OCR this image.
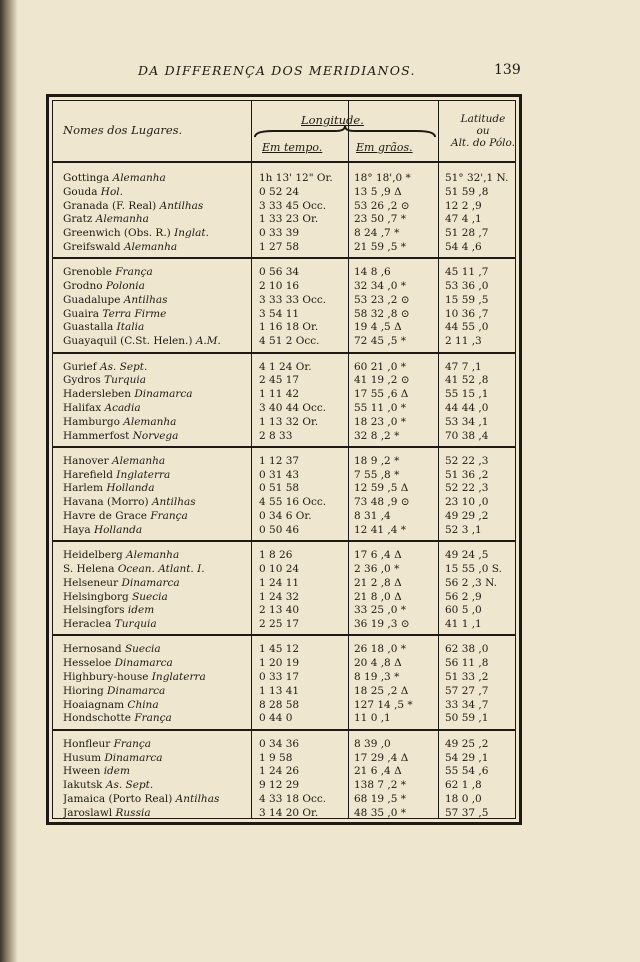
DA DIFFERENÇA DOS MERIDIANOS.	139
Nomes dos Lugares.
Longitude.
Em tempo.	Em grãos.
Latitude
ou
Alt. do Pólo.
Gottinga Alemanha	1h 13' 12" Or.	18° 18',0 *	51° 32',1 N.
Gouda Hol.	0 52 24	13 5 ,9 Δ	51 59 ,8
Granada (F. Real) Antilhas	3 33 45 Occ.	53 26 ,2 ⊙	12 2 ,9
Gratz Alemanha	1 33 23 Or.	23 50 ,7 *	47 4 ,1
Greenwich (Obs. R.) Inglat.	0 33 39	8 24 ,7 *	51 28 ,7
Greifswald Alemanha	1 27 58	21 59 ,5 *	54 4 ,6
Grenoble França	0 56 34	14 8 ,6	45 11 ,7
Grodno Polonia	2 10 16	32 34 ,0 *	53 36 ,0
Guadalupe Antilhas	3 33 33 Occ.	53 23 ,2 ⊙	15 59 ,5
Guaira Terra Firme	3 54 11	58 32 ,8 ⊙	10 36 ,7
Guastalla Italia	1 16 18 Or.	19 4 ,5 Δ	44 55 ,0
Guayaquil (C.St. Helen.) A.M.	4 51 2 Occ.	72 45 ,5 *	2 11 ,3
Gurief As. Sept.	4 1 24 Or.	60 21 ,0 *	47 7 ,1
Gydros Turquia	2 45 17	41 19 ,2 ⊙	41 52 ,8
Hadersleben Dinamarca	1 11 42	17 55 ,6 Δ	55 15 ,1
Halifax Acadia	3 40 44 Occ.	55 11 ,0 *	44 44 ,0
Hamburgo Alemanha	1 13 32 Or.	18 23 ,0 *	53 34 ,1
Hammerfost Norvega	2 8 33	32 8 ,2 *	70 38 ,4
Hanover Alemanha	1 12 37	18 9 ,2 *	52 22 ,3
Harefield Inglaterra	0 31 43	7 55 ,8 *	51 36 ,2
Harlem Hollanda	0 51 58	12 59 ,5 Δ	52 22 ,3
Havana (Morro) Antilhas	4 55 16 Occ.	73 48 ,9 ⊙	23 10 ,0
Havre de Grace França	0 34 6 Or.	8 31 ,4	49 29 ,2
Haya Hollanda	0 50 46	12 41 ,4 *	52 3 ,1
Heidelberg Alemanha	1 8 26	17 6 ,4 Δ	49 24 ,5
S. Helena Ocean. Atlant. I.	0 10 24	2 36 ,0 *	15 55 ,0 S.
Helseneur Dinamarca	1 24 11	21 2 ,8 Δ	56 2 ,3 N.
Helsingborg Suecia	1 24 32	21 8 ,0 Δ	56 2 ,9
Helsingfors idem	2 13 40	33 25 ,0 *	60 5 ,0
Heraclea Turquia	2 25 17	36 19 ,3 ⊙	41 1 ,1
Hernosand Suecia	1 45 12	26 18 ,0 *	62 38 ,0
Hesseloe Dinamarca	1 20 19	20 4 ,8 Δ	56 11 ,8
Highbury-house Inglaterra	0 33 17	8 19 ,3 *	51 33 ,2
Hioring Dinamarca	1 13 41	18 25 ,2 Δ	57 27 ,7
Hoaiagnam China	8 28 58	127 14 ,5 *	33 34 ,7
Hondschotte França	0 44 0	11 0 ,1	50 59 ,1
Honfleur França	0 34 36	8 39 ,0	49 25 ,2
Husum Dinamarca	1 9 58	17 29 ,4 Δ	54 29 ,1
Hween idem	1 24 26	21 6 ,4 Δ	55 54 ,6
Iakutsk As. Sept.	9 12 29	138 7 ,2 *	62 1 ,8
Jamaica (Porto Real) Antilhas	4 33 18 Occ.	68 19 ,5 *	18 0 ,0
Jaroslawl Russia	3 14 20 Or.	48 35 ,0 *	57 37 ,5
